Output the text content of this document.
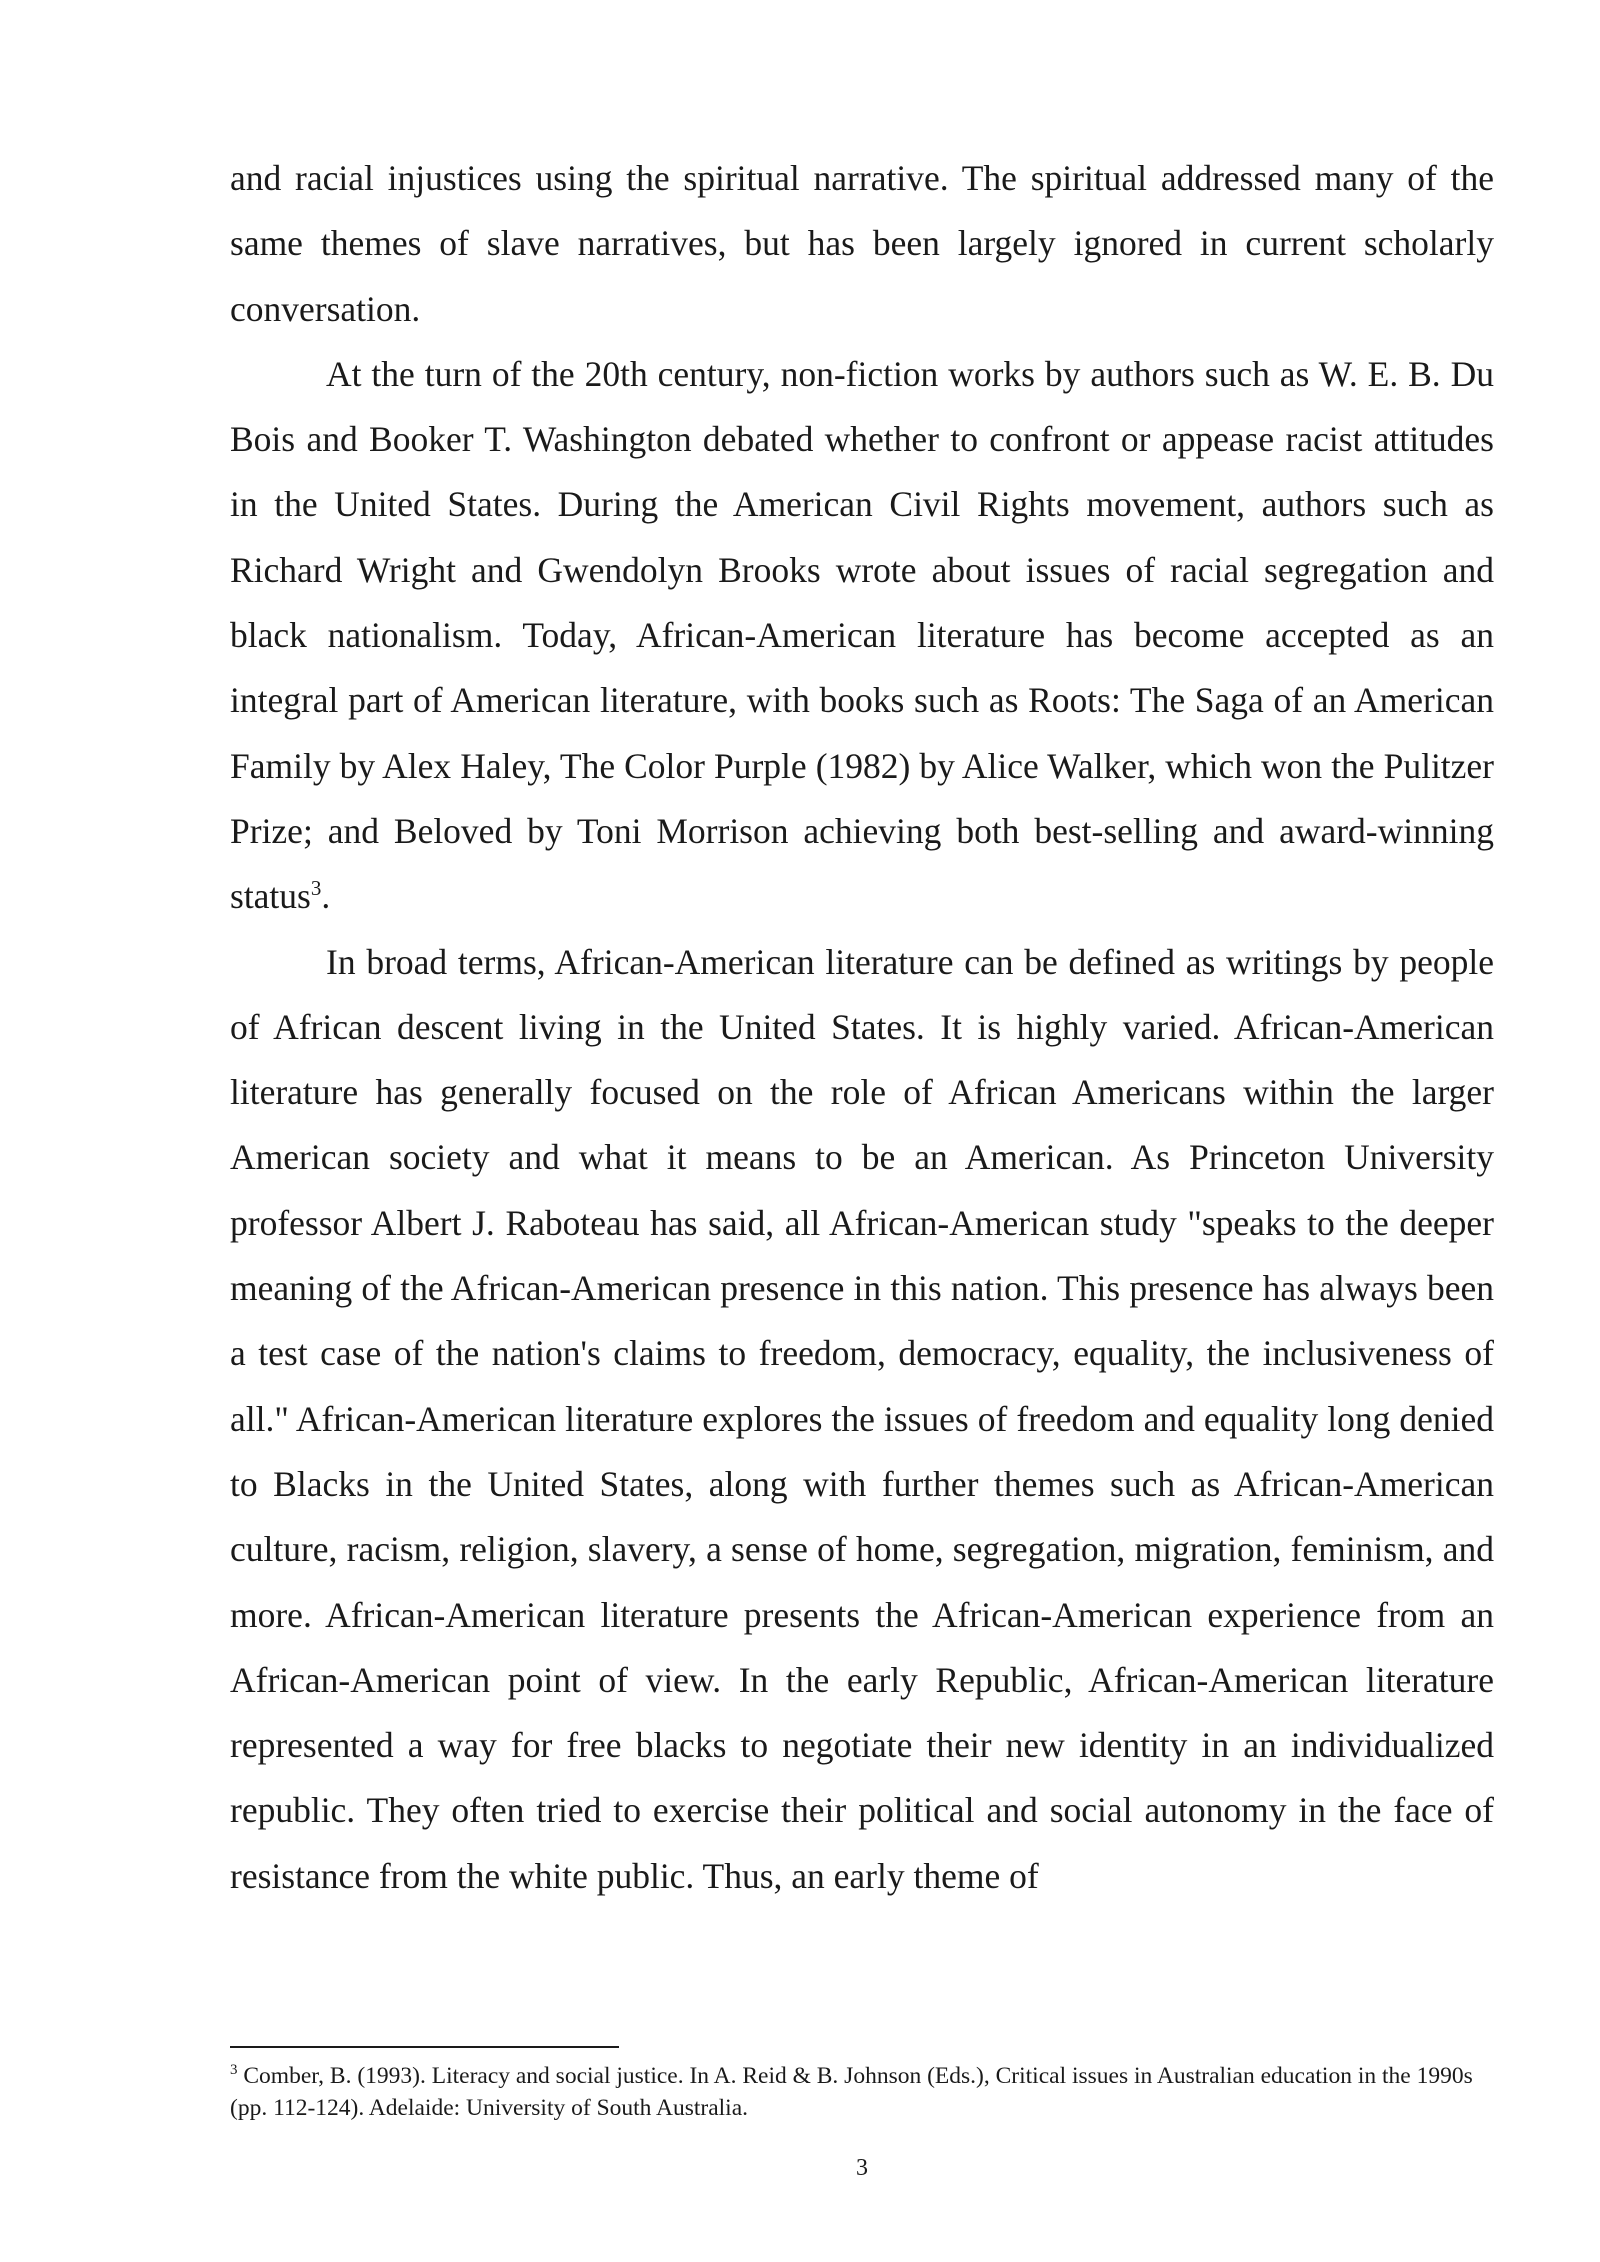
and racial injustices using the spiritual narrative. The spiritual addressed many of the same themes of slave narratives, but has been largely ignored in current scholarly conversation.

At the turn of the 20th century, non-fiction works by authors such as W. E. B. Du Bois and Booker T. Washington debated whether to confront or appease racist attitudes in the United States. During the American Civil Rights movement, authors such as Richard Wright and Gwendolyn Brooks wrote about issues of racial segregation and black nationalism. Today, African-American literature has become accepted as an integral part of American literature, with books such as Roots: The Saga of an American Family by Alex Haley, The Color Purple (1982) by Alice Walker, which won the Pulitzer Prize; and Beloved by Toni Morrison achieving both best-selling and award-winning status$^3$.

In broad terms, African-American literature can be defined as writings by people of African descent living in the United States. It is highly varied. African-American literature has generally focused on the role of African Americans within the larger American society and what it means to be an American. As Princeton University professor Albert J. Raboteau has said, all African-American study "speaks to the deeper meaning of the African-American presence in this nation. This presence has always been a test case of the nation's claims to freedom, democracy, equality, the inclusiveness of all." African-American literature explores the issues of freedom and equality long denied to Blacks in the United States, along with further themes such as African-American culture, racism, religion, slavery, a sense of home, segregation, migration, feminism, and more. African-American literature presents the African-American experience from an African-American point of view. In the early Republic, African-American literature represented a way for free blacks to negotiate their new identity in an individualized republic. They often tried to exercise their political and social autonomy in the face of resistance from the white public. Thus, an early theme of

$^3$ Comber, B. (1993). Literacy and social justice. In A. Reid & B. Johnson (Eds.), Critical issues in Australian education in the 1990s (pp. 112-124). Adelaide: University of South Australia.

3
